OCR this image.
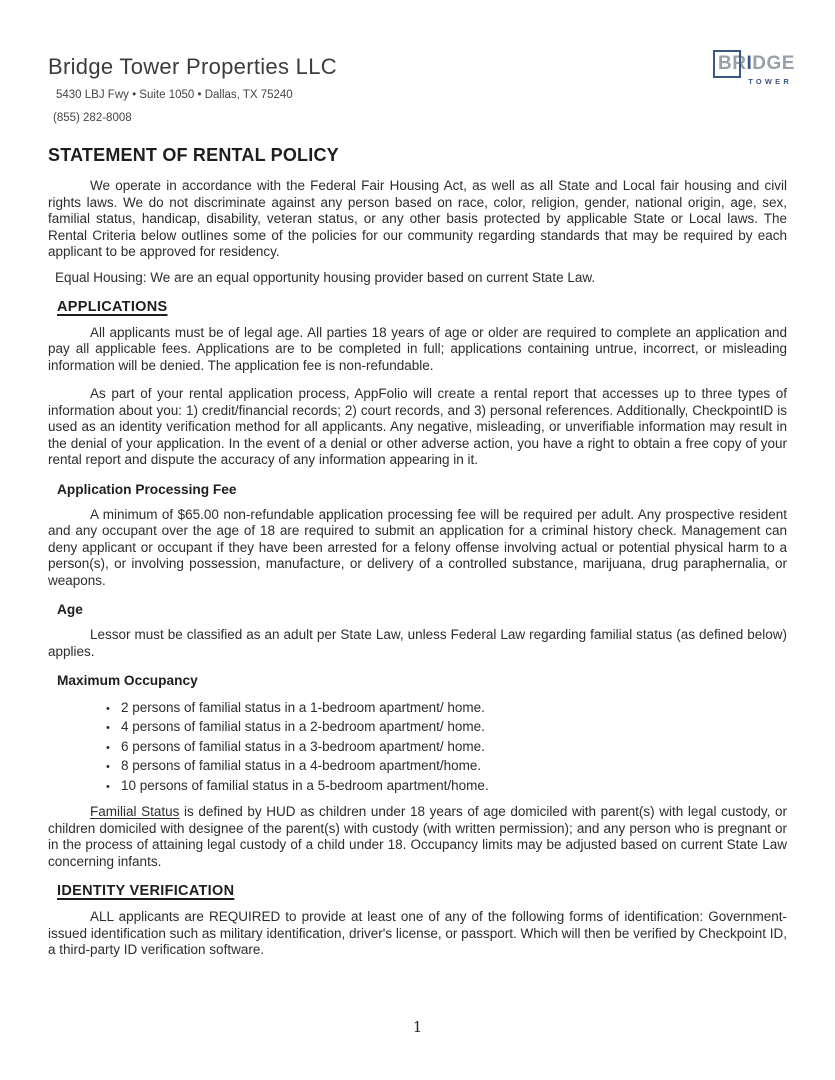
BRIDGE
TOWER
Bridge Tower Properties LLC
5430 LBJ Fwy • Suite 1050 • Dallas, TX 75240
(855) 282-8008
STATEMENT OF RENTAL POLICY

We operate in accordance with the Federal Fair Housing Act, as well as all State and Local fair housing and civil rights laws. We do not discriminate against any person based on race, color, religion, gender, national origin, age, sex, familial status, handicap, disability, veteran status, or any other basis protected by applicable State or Local laws. The Rental Criteria below outlines some of the policies for our community regarding standards that may be required by each applicant to be approved for residency.

Equal Housing: We are an equal opportunity housing provider based on current State Law.

APPLICATIONS

All applicants must be of legal age. All parties 18 years of age or older are required to complete an application and pay all applicable fees. Applications are to be completed in full; applications containing untrue, incorrect, or misleading information will be denied. The application fee is non-refundable.

As part of your rental application process, AppFolio will create a rental report that accesses up to three types of information about you: 1) credit/financial records; 2) court records, and 3) personal references. Additionally, CheckpointID is used as an identity verification method for all applicants. Any negative, misleading, or unverifiable information may result in the denial of your application. In the event of a denial or other adverse action, you have a right to obtain a free copy of your rental report and dispute the accuracy of any information appearing in it.

Application Processing Fee

A minimum of $65.00 non-refundable application processing fee will be required per adult. Any prospective resident and any occupant over the age of 18 are required to submit an application for a criminal history check. Management can deny applicant or occupant if they have been arrested for a felony offense involving actual or potential physical harm to a person(s), or involving possession, manufacture, or delivery of a controlled substance, marijuana, drug paraphernalia, or weapons.

Age

Lessor must be classified as an adult per State Law, unless Federal Law regarding familial status (as defined below) applies.

Maximum Occupancy
• 2 persons of familial status in a 1-bedroom apartment/ home.
• 4 persons of familial status in a 2-bedroom apartment/ home.
• 6 persons of familial status in a 3-bedroom apartment/ home.
• 8 persons of familial status in a 4-bedroom apartment/home.
• 10 persons of familial status in a 5-bedroom apartment/home.

Familial Status is defined by HUD as children under 18 years of age domiciled with parent(s) with legal custody, or children domiciled with designee of the parent(s) with custody (with written permission); and any person who is pregnant or in the process of attaining legal custody of a child under 18. Occupancy limits may be adjusted based on current State Law concerning infants.

IDENTITY VERIFICATION

ALL applicants are REQUIRED to provide at least one of any of the following forms of identification: Government-issued identification such as military identification, driver's license, or passport. Which will then be verified by Checkpoint ID, a third-party ID verification software.

1
